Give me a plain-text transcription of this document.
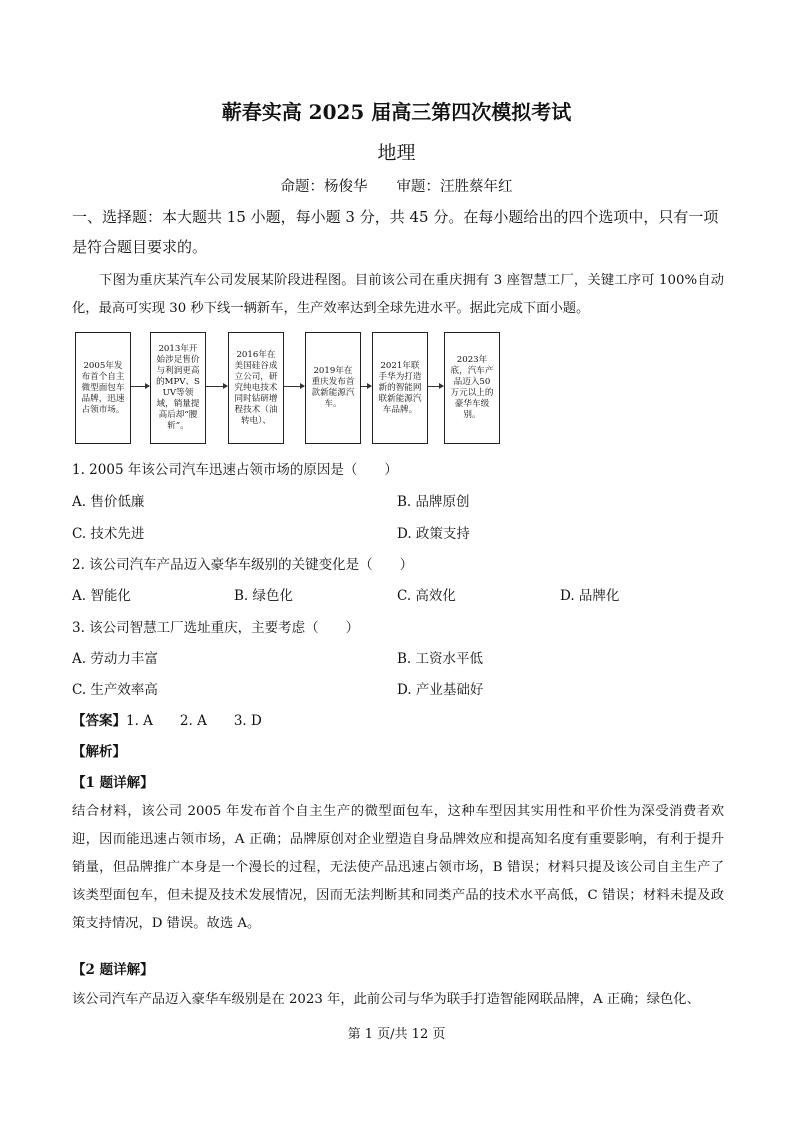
蕲春实高 2025 届高三第四次模拟考试
地理
命题：杨俊华　　审题：汪胜蔡年红
一、选择题：本大题共 15 小题，每小题 3 分，共 45 分。在每小题给出的四个选项中，只有一项是符合题目要求的。
下图为重庆某汽车公司发展某阶段进程图。目前该公司在重庆拥有 3 座智慧工厂，关键工序可 100%自动化，最高可实现 30 秒下线一辆新车，生产效率达到全球先进水平。据此完成下面小题。
2005年发布首个自主微型面包车品牌，迅速占领市场。
2013年开始涉足售价与利润更高的MPV、SUV等领域，销量提高后却“腰斩”。
2016年在美国硅谷成立公司，研究纯电技术同时钻研增程技术（油转电）、
2019年在重庆发布首款新能源汽车。
2021年联手华为打造新的智能网联新能源汽车品牌。
2023年底，汽车产品迈入50万元以上的豪华车级别。
1. 2005 年该公司汽车迅速占领市场的原因是（　　）
A. 售价低廉	B. 品牌原创
C. 技术先进	D. 政策支持
2. 该公司汽车产品迈入豪华车级别的关键变化是（　　）
A. 智能化	B. 绿色化	C. 高效化	D. 品牌化
3. 该公司智慧工厂选址重庆，主要考虑（　　）
A. 劳动力丰富	B. 工资水平低
C. 生产效率高	D. 产业基础好
【答案】1. A　　2. A　　3. D
【解析】
【1 题详解】
结合材料，该公司 2005 年发布首个自主生产的微型面包车，这种车型因其实用性和平价性为深受消费者欢迎，因而能迅速占领市场，A 正确；品牌原创对企业塑造自身品牌效应和提高知名度有重要影响，有利于提升销量，但品牌推广本身是一个漫长的过程，无法使产品迅速占领市场，B 错误；材料只提及该公司自主生产了该类型面包车，但未提及技术发展情况，因而无法判断其和同类产品的技术水平高低，C 错误；材料未提及政策支持情况，D 错误。故选 A。
【2 题详解】
该公司汽车产品迈入豪华车级别是在 2023 年，此前公司与华为联手打造智能网联品牌，A 正确；绿色化、
第 1 页/共 12 页
